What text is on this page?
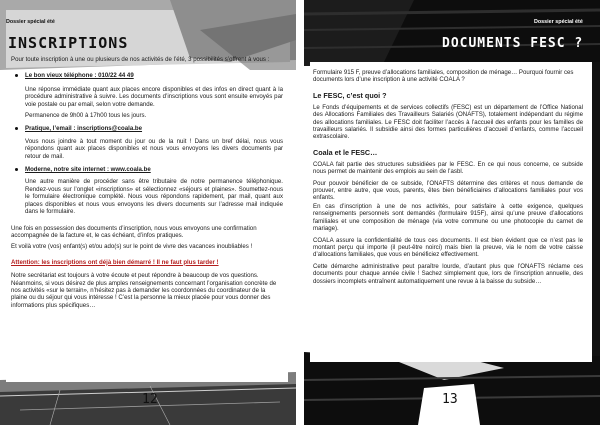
Dossier spécial été
INSCRIPTIONS

Pour toute inscription à une ou plusieurs de nos activités de l’été, 3 possibilités s’offrent à vous :

Le bon vieux téléphone : 010/22 44 49

Une réponse immédiate quant aux places encore disponibles et des infos en direct quant à la procédure administrative à suivre. Les documents d’inscriptions vous sont ensuite envoyés par voie postale ou par email, selon votre demande.

Permanence de 9h00 à 17h00 tous les jours.

Pratique, l’email : inscriptions@coala.be

Vous nous joindre à tout moment du jour ou de la nuit ! Dans un bref délai, nous vous répondons quant aux places disponibles et nous vous envoyons les divers documents par retour de mail.

Moderne, notre site internet : www.coala.be

Une autre manière de procéder sans être tributaire de notre permanence téléphonique. Rendez-vous sur l’onglet «inscriptions» et sélectionnez «séjours et plaines». Soumettez-nous le formulaire électronique complété. Nous vous répondons rapidement, par mail, quant aux places disponibles et nous vous envoyons les divers documents sur l’adresse mail indiquée dans le formulaire.

Une fois en possession des documents d’inscription, nous vous envoyons une confirmation accompagnée de la facture et, le cas échéant, d’infos pratiques.

Et voilà votre (vos) enfant(s) et/ou ado(s) sur le point de vivre des vacances inoubliables !

Attention: les inscriptions ont déjà bien démarré ! Il ne faut plus tarder !

Notre secrétariat est toujours à votre écoute et peut répondre à beaucoup de vos questions. Néanmoins, si vous désirez de plus amples renseignements concernant l’organisation concrète de nos activités «sur le terrain», n’hésitez pas à demander les coordonnées du coordinateur de la plaine ou du séjour qui vous intéresse ! C’est la personne la mieux placée pour vous donner des informations plus spécifiques…

12
Dossier spécial été
DOCUMENTS FESC ?

Formulaire 915 F, preuve d’allocations familiales, composition de ménage… Pourquoi fournir ces documents lors d’une inscription à une activité COALA ?

Le FESC, c’est quoi ?

Le Fonds d’équipements et de services collectifs (FESC) est un département de l’Office National des Allocations Familiales des Travailleurs Salariés (ONAFTS), totalement indépendant du régime des allocations familiales. Le FESC doit faciliter l’accès à l’accueil des enfants pour les familles de travailleurs salariés. Il subsidie ainsi des formes particulières d’accueil d’enfants, comme l’accueil extrascolaire.

Coala et le FESC…

COALA fait partie des structures subsidiées par le FESC. En ce qui nous concerne, ce subside nous permet de maintenir des emplois au sein de l’asbl.

Pour pouvoir bénéficier de ce subside, l’ONAFTS détermine des critères et nous demande de prouver, entre autre, que vous, parents, êtes bien bénéficiaires d’allocations familiales pour vos enfants.

En cas d’inscription à une de nos activités, pour satisfaire à cette exigence, quelques renseignements personnels sont demandés (formulaire 915F), ainsi qu’une preuve d’allocations familiales et une composition de ménage (via votre commune ou une photocopie du carnet de mariage).

COALA assure la confidentialité de tous ces documents. Il est bien évident que ce n’est pas le montant perçu qui importe (il peut-être noirci) mais bien la preuve, via le nom de votre caisse d’allocations familiales, que vous en bénéficiez effectivement.

Cette démarche administrative peut paraître lourde, d’autant plus que l’ONAFTS réclame ces documents pour chaque année civile ! Sachez simplement que, lors de l’inscription annuelle, des dossiers incomplets entraînent automatiquement une revue à la baisse du subside…

13
